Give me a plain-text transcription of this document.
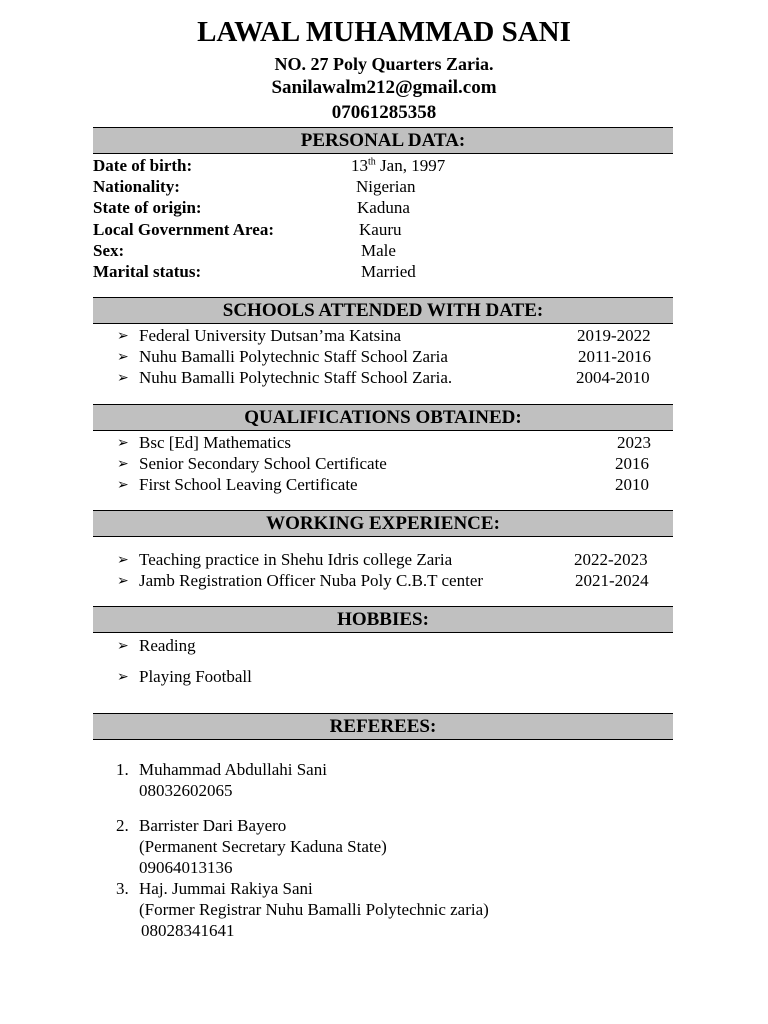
LAWAL MUHAMMAD SANI
NO. 27 Poly Quarters Zaria.
Sanilawalm212@gmail.com
07061285358
PERSONAL DATA:
Date of birth:	13th Jan, 1997
Nationality:	Nigerian
State of origin:	Kaduna
Local Government Area:	Kauru
Sex:	Male
Marital status:	Married
SCHOOLS ATTENDED WITH DATE:
➢ Federal University Dutsan’ma Katsina	2019-2022
➢ Nuhu Bamalli Polytechnic Staff School Zaria	2011-2016
➢ Nuhu Bamalli Polytechnic Staff School Zaria.	2004-2010
QUALIFICATIONS OBTAINED:
➢ Bsc [Ed] Mathematics	2023
➢ Senior Secondary School Certificate	2016
➢ First School Leaving Certificate	2010
WORKING EXPERIENCE:
➢ Teaching practice in Shehu Idris college Zaria	2022-2023
➢ Jamb Registration Officer Nuba Poly C.B.T center	2021-2024
HOBBIES:
➢ Reading
➢ Playing Football
REFEREES:
1. Muhammad Abdullahi Sani
08032602065
2. Barrister Dari Bayero
(Permanent Secretary Kaduna State)
09064013136
3. Haj. Jummai Rakiya Sani
(Former Registrar Nuhu Bamalli Polytechnic zaria)
08028341641
